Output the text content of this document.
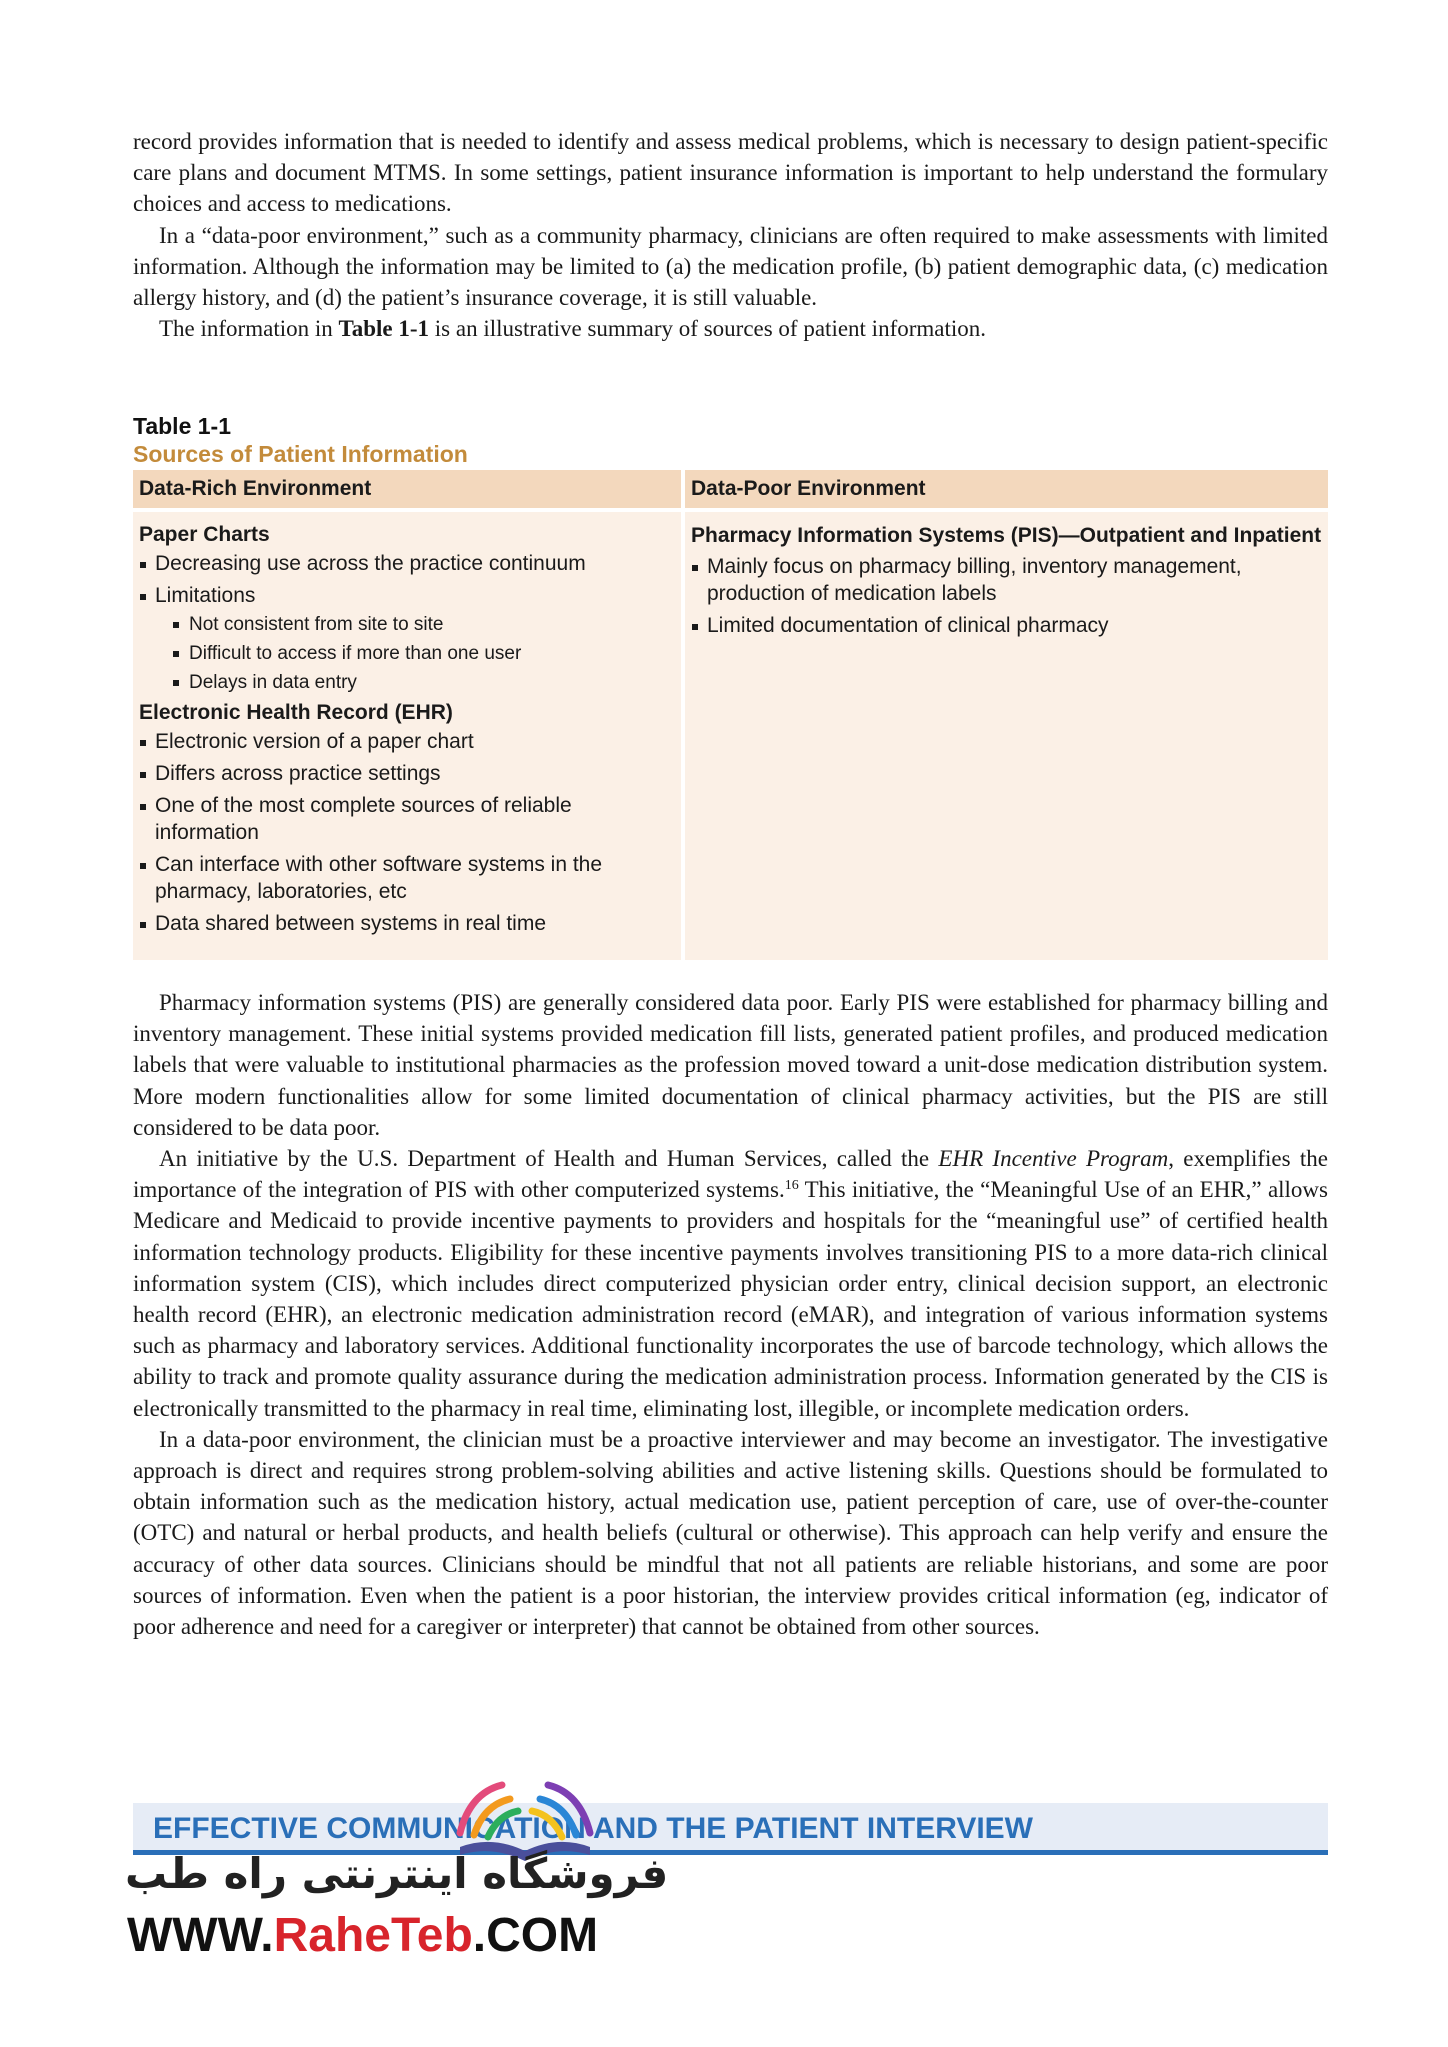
record provides information that is needed to identify and assess medical problems, which is necessary to design patient-specific care plans and document MTMS. In some settings, patient insurance information is important to help understand the formulary choices and access to medications.

In a “data-poor environment,” such as a community pharmacy, clinicians are often required to make assessments with limited information. Although the information may be limited to (a) the medication profile, (b) patient demographic data, (c) medication allergy history, and (d) the patient’s insurance coverage, it is still valuable.

The information in Table 1-1 is an illustrative summary of sources of patient information.

Table 1-1
Sources of Patient Information
Data-Rich Environment
Paper Charts
Decreasing use across the practice continuum
Limitations
Not consistent from site to site
Difficult to access if more than one user
Delays in data entry
Electronic Health Record (EHR)
Electronic version of a paper chart
Differs across practice settings
One of the most complete sources of reliable information
Can interface with other software systems in the pharmacy, laboratories, etc
Data shared between systems in real time
Data-Poor Environment
Pharmacy Information Systems (PIS)—Outpatient and Inpatient
Mainly focus on pharmacy billing, inventory management, production of medication labels
Limited documentation of clinical pharmacy

Pharmacy information systems (PIS) are generally considered data poor. Early PIS were established for pharmacy billing and inventory management. These initial systems provided medication fill lists, generated patient profiles, and produced medication labels that were valuable to institutional pharmacies as the profession moved toward a unit-dose medication distribution system. More modern functionalities allow for some limited documentation of clinical pharmacy activities, but the PIS are still considered to be data poor.

An initiative by the U.S. Department of Health and Human Services, called the EHR Incentive Program, exemplifies the importance of the integration of PIS with other computerized systems.$^{16}$ This initiative, the “Meaningful Use of an EHR,” allows Medicare and Medicaid to provide incentive payments to providers and hospitals for the “meaningful use” of certified health information technology products. Eligibility for these incentive payments involves transitioning PIS to a more data-rich clinical information system (CIS), which includes direct computerized physician order entry, clinical decision support, an electronic health record (EHR), an electronic medication administration record (eMAR), and integration of various information systems such as pharmacy and laboratory services. Additional functionality incorporates the use of barcode technology, which allows the ability to track and promote quality assurance during the medication administration process. Information generated by the CIS is electronically transmitted to the pharmacy in real time, eliminating lost, illegible, or incomplete medication orders.

In a data-poor environment, the clinician must be a proactive interviewer and may become an investigator. The investigative approach is direct and requires strong problem-solving abilities and active listening skills. Questions should be formulated to obtain information such as the medication history, actual medication use, patient perception of care, use of over-the-counter (OTC) and natural or herbal products, and health beliefs (cultural or otherwise). This approach can help verify and ensure the accuracy of other data sources. Clinicians should be mindful that not all patients are reliable historians, and some are poor sources of information. Even when the patient is a poor historian, the interview provides critical information (eg, indicator of poor adherence and need for a caregiver or interpreter) that cannot be obtained from other sources.

EFFECTIVE COMMUNICATION AND THE PATIENT INTERVIEW
فروشگاه اینترنتی راه طب
WWW.RaheTeb.COM
